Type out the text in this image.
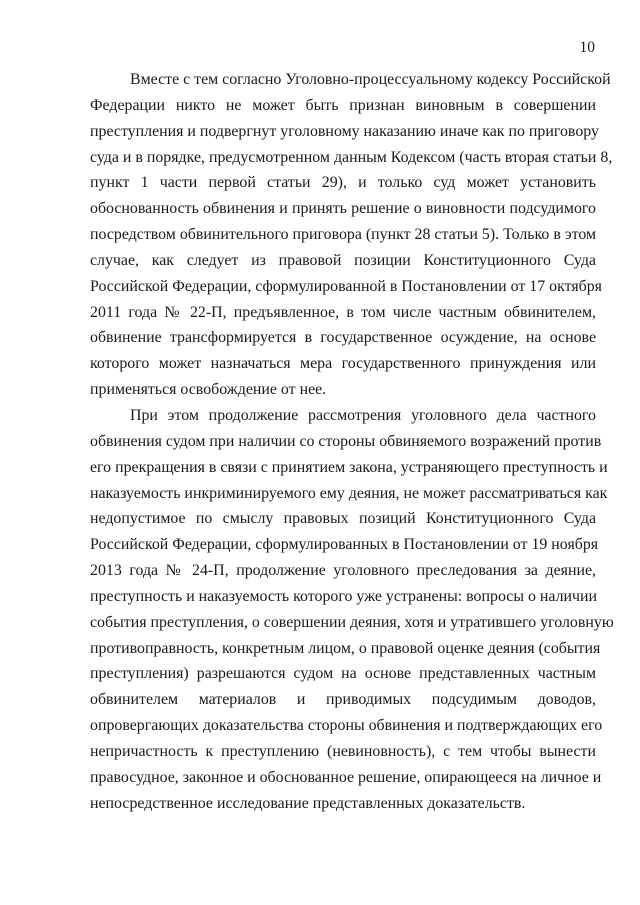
10
Вместе с тем согласно Уголовно-процессуальному кодексу Российской
Федерации никто не может быть признан виновным в совершении
преступления и подвергнут уголовному наказанию иначе как по приговору
суда и в порядке, предусмотренном данным Кодексом (часть вторая статьи 8,
пункт 1 части первой статьи 29), и только суд может установить
обоснованность обвинения и принять решение о виновности подсудимого
посредством обвинительного приговора (пункт 28 статьи 5). Только в этом
случае, как следует из правовой позиции Конституционного Суда
Российской Федерации, сформулированной в Постановлении от 17 октября
2011 года № 22-П, предъявленное, в том числе частным обвинителем,
обвинение трансформируется в государственное осуждение, на основе
которого может назначаться мера государственного принуждения или
применяться освобождение от нее.
При этом продолжение рассмотрения уголовного дела частного
обвинения судом при наличии со стороны обвиняемого возражений против
его прекращения в связи с принятием закона, устраняющего преступность и
наказуемость инкриминируемого ему деяния, не может рассматриваться как
недопустимое по смыслу правовых позиций Конституционного Суда
Российской Федерации, сформулированных в Постановлении от 19 ноября
2013 года № 24-П, продолжение уголовного преследования за деяние,
преступность и наказуемость которого уже устранены: вопросы о наличии
события преступления, о совершении деяния, хотя и утратившего уголовную
противоправность, конкретным лицом, о правовой оценке деяния (события
преступления) разрешаются судом на основе представленных частным
обвинителем материалов и приводимых подсудимым доводов,
опровергающих доказательства стороны обвинения и подтверждающих его
непричастность к преступлению (невиновность), с тем чтобы вынести
правосудное, законное и обоснованное решение, опирающееся на личное и
непосредственное исследование представленных доказательств.
